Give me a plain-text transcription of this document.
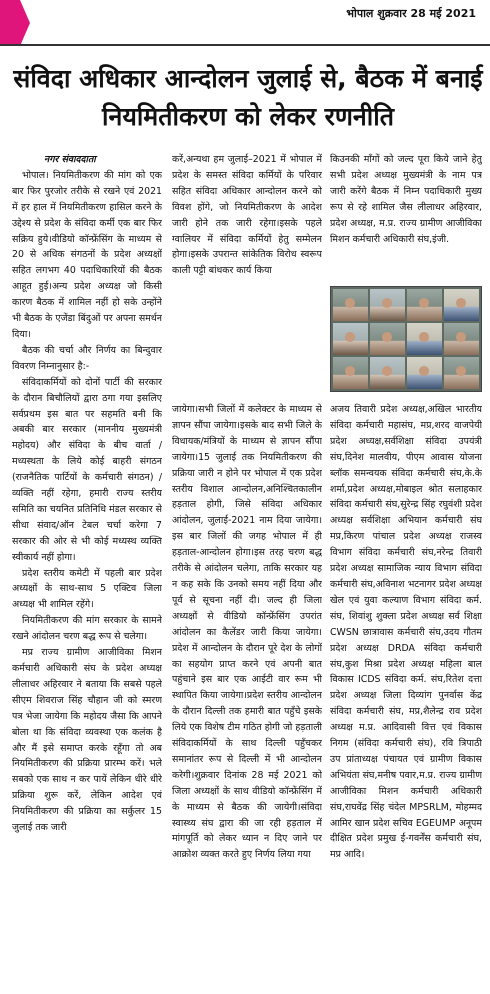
भोपाल शुक्रवार 28 मई 2021
संविदा अधिकार आन्दोलन जुलाई से, बैठक में बनाई नियमितीकरण को लेकर रणनीति

नगर संवाददाता

भोपाल। नियमितीकरण की मांग को एक बार फिर पुरजोर तरीके से रखने एवं 2021 में हर हाल में नियमितीकरण हासिल करने के उद्देश्य से प्रदेश के संविदा कर्मी एक बार फिर सक्रिय हुये।वीडियो कॉन्फ्रेंसिंग के माध्यम से 20 से अधिक संगठनों के प्रदेश अध्यक्षों सहित लगभग 40 पदाधिकारियों की बैठक आहूत हुई।अन्य प्रदेश अध्यक्ष जो किसी कारण बैठक में शामिल नहीं हो सके उन्होंने भी बैठक के एजेंडा बिंदुओं पर अपना समर्थन दिया।

बैठक की चर्चा और निर्णय का बिन्दुवार विवरण निम्नानुसार है:-

संविदाकर्मियों को दोनों पार्टी की सरकार के दौरान बिचौलियों द्वारा ठगा गया इसलिए सर्वप्रथम इस बात पर सहमति बनी कि अबकी बार सरकार (माननीय मुख्यमंत्री महोदय) और संविदा के बीच वार्ता / मध्यस्थता के लिये कोई बाहरी संगठन (राजनैतिक पार्टियों के कर्मचारी संगठन) /व्यक्ति नहीं रहेगा, हमारी राज्य स्तरीय समिति का चयनित प्रतिनिधि मंडल सरकार से सीधा संवाद/ऑन टेबल चर्चा करेगा 7 सरकार की ओर से भी कोई मध्यस्थ व्यक्ति स्वीकार्य नहीं होगा।

प्रदेश स्तरीय कमेटी में पहली बार प्रदेश अध्यक्षों के साथ-साथ 5 एक्टिव जिला अध्यक्ष भी शामिल रहेंगे।

नियमितीकरण की मांग सरकार के सामने रखने आंदोलन चरण बद्ध रूप से चलेगा।

मप्र राज्य ग्रामीण आजीविका मिशन कर्मचारी अधिकारी संघ के प्रदेश अध्यक्ष लीलाधर अहिरवार ने बताया कि सबसे पहले सीएम शिवराज सिंह चौहान जी को स्मरण पत्र भेजा जायेगा कि महोदय जैसा कि आपने बोला था कि संविदा व्यवस्था एक कलंक है और मैं इसे समाप्त करके रहूँगा तो अब नियमितीकरण की प्रक्रिया प्रारम्भ करें। भले सबको एक साथ न कर पायें लेकिन धीरे धीरे प्रक्रिया शुरू करें, लेकिन आदेश एवं नियमितीकरण की प्रक्रिया का सर्कुलर 15 जुलाई तक जारी

करें,अन्यथा हम जुलाई–2021 में भोपाल में प्रदेश के समस्त संविदा कर्मियों के परिवार सहित संविदा अधिकार आन्दोलन करने को विवश होंगे, जो नियमितीकरण के आदेश जारी होने तक जारी रहेगा।इसके पहले ग्वालियर में संविदा कर्मियों हेतु सम्मेलन होगा।इसके उपरान्त सांकेतिक विरोध स्वरूप काली पट्टी बांधकर कार्य किया

किउनकी माँगों को जल्द पूरा किये जाने हेतु सभी प्रदेश अध्यक्ष मुख्यमंत्री के नाम पत्र जारी करेंगे बैठक में निम्न पदाधिकारी मुख्य रूप से रहे शामिल जैस लीलाधर अहिरवार, प्रदेश अध्यक्ष, म.प्र. राज्य ग्रामीण आजीविका मिशन कर्मचारी अधिकारी संघ,इंजी.

जायेगा।सभी जिलों में कलेक्टर के माध्यम से ज्ञापन सौंपा जायेगा।इसके बाद सभी जिले के विधायक/मंत्रियों के माध्यम से ज्ञापन सौंपा जायेगा।15 जुलाई तक नियमितीकरण की प्रक्रिया जारी न होने पर भोपाल में एक प्रदेश स्तरीय विशाल आन्दोलन,अनिश्चितकालीन हड़ताल होगी, जिसे संविदा अधिकार आंदोलन, जुलाई-2021 नाम दिया जायेगा।इस बार जिलों की जगह भोपाल में ही हड़ताल-आन्दोलन होगा।इस तरह चरण बद्ध तरीके से आंदोलन चलेगा, ताकि सरकार यह न कह सके कि उनको समय नहीं दिया और पूर्व से सूचना नहीं दी। जल्द ही जिला अध्यक्षों से वीडियो कॉन्फ्रेंसिंग उपरांत आंदोलन का कैलेंडर जारी किया जायेगा।प्रदेश में आन्दोलन के दौरान पूरे देश के लोगों का सहयोग प्राप्त करने एवं अपनी बात पहुंचाने इस बार एक आईटी वार रूम भी स्थापित किया जायेगा।प्रदेश स्तरीय आन्दोलन के दौरान दिल्ली तक हमारी बात पहुँचे इसके लिये एक विशेष टीम गठित होगी जो हड़ताली संविदाकर्मियों के साथ दिल्ली पहुँचकर समानांतर रूप से दिल्ली में भी आन्दोलन करेगी।शुक्रवार दिनांक 28 मई 2021 को जिला अध्यक्षों के साथ वीडियो कॉन्फ्रेंसिंग में के माध्यम से बैठक की जायेगी।संविदा स्वास्थ्य संघ द्वारा की जा रही हड़ताल में मांगपूर्ति को लेकर ध्यान न दिए जाने पर आक्रोश व्यक्त करते हुए निर्णय लिया गया

अजय तिवारी प्रदेश अध्यक्ष,अखिल भारतीय संविदा कर्मचारी महासंघ, मप्र,शरद वाजपेयी प्रदेश अध्यक्ष,सर्वशिक्षा संविदा उपयंत्री संघ,दिनेश मालवीय, पीएम आवास योजना ब्लॉक समन्वयक संविदा कर्मचारी संघ,के.के शर्मा,प्रदेश अध्यक्ष,मोबाइल श्रोत सलाहकार संविदा कर्मचारी संघ,सुरेन्द्र सिंह रघुवंशी प्रदेश अध्यक्ष सर्वशिक्षा अभियान कर्मचारी संघ मप्र,किरण पांचाल प्रदेश अध्यक्ष राजस्व विभाग संविदा कर्मचारी संघ,नरेन्द्र तिवारी प्रदेश अध्यक्ष सामाजिक न्याय विभाग संविदा कर्मचारी संघ,अविनाश भटनागर प्रदेश अध्यक्ष खेल एवं युवा कल्याण विभाग संविदा कर्म. संघ, शिवांशु शुक्ला प्रदेश अध्यक्ष सर्व शिक्षा CWSN छात्रावास कर्मचारी संघ,उदय गौतम प्रदेश अध्यक्ष DRDA संविदा कर्मचारी संघ,कुश मिश्रा प्रदेश अध्यक्ष महिला बाल विकास ICDS संविदा कर्म. संघ,रितेश दत्ता प्रदेश अध्यक्ष जिला दिव्यांग पुनर्वास केंद्र संविदा कर्मचारी संघ, मप्र,शैलेन्द्र राव प्रदेश अध्यक्ष म.प्र. आदिवासी वित्त एवं विकास निगम (संविदा कर्मचारी संघ), रवि त्रिपाठी उप प्रांताध्यक्ष पंचायत एवं ग्रामीण विकास अभियंता संघ,मनीष पवार,म.प्र. राज्य ग्रामीण आजीविका मिशन कर्मचारी अधिकारी संघ,राघवेंद्र सिंह चंदेल MPSRLM, मोहम्मद आमिर खान प्रदेश सचिव EGEUMP अनूपम दीक्षित प्रदेश प्रमुख ई-गवर्नेंस कर्मचारी संघ, मप्र आदि।
